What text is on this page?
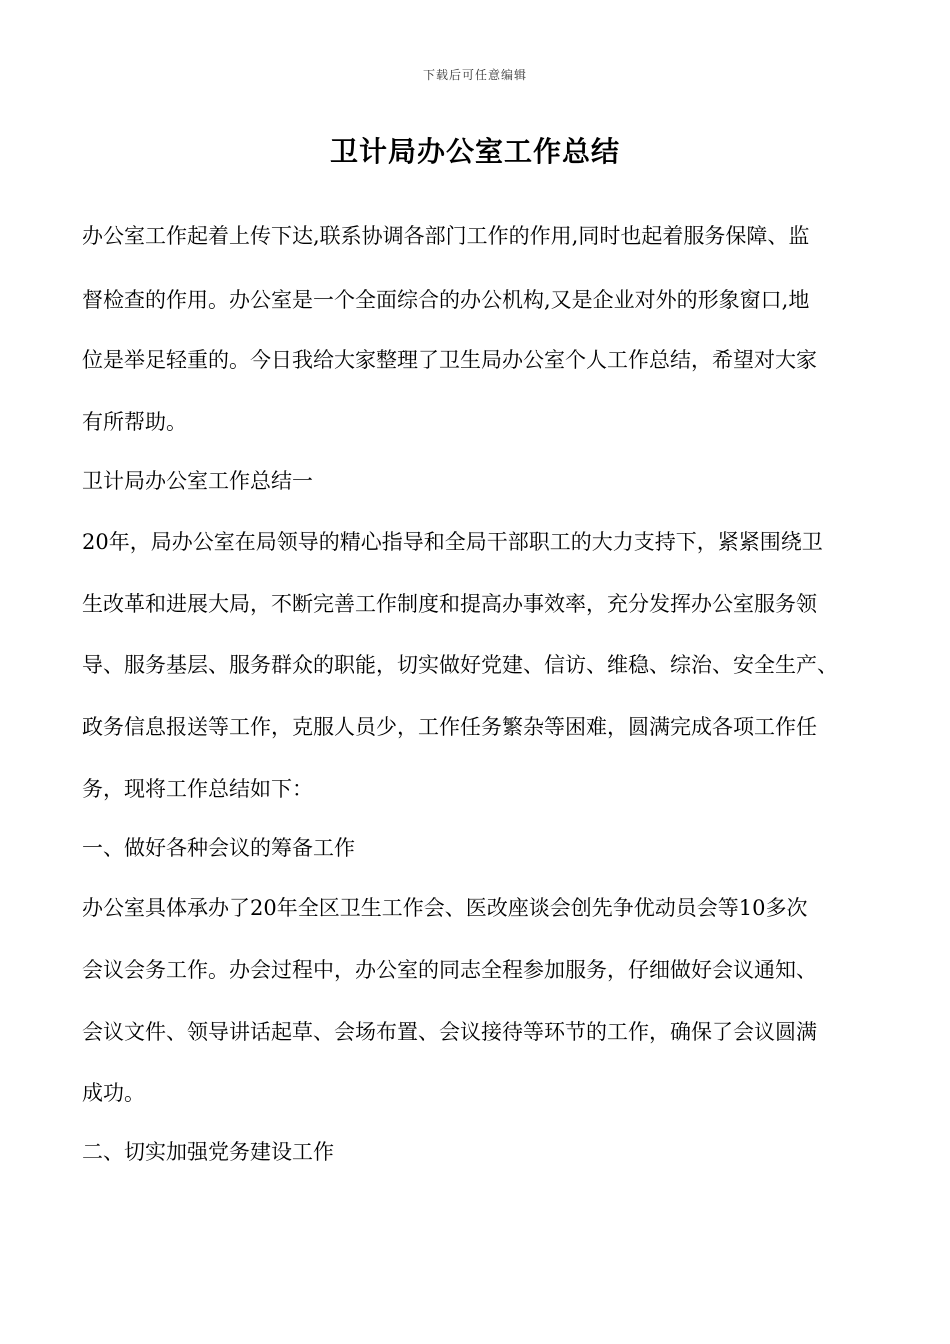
下载后可任意编辑
卫计局办公室工作总结
办公室工作起着上传下达,联系协调各部门工作的作用,同时也起着服务保障、监
督检查的作用。办公室是一个全面综合的办公机构,又是企业对外的形象窗口,地
位是举足轻重的。今日我给大家整理了卫生局办公室个人工作总结，希望对大家
有所帮助。
卫计局办公室工作总结一
20年，局办公室在局领导的精心指导和全局干部职工的大力支持下，紧紧围绕卫
生改革和进展大局，不断完善工作制度和提高办事效率，充分发挥办公室服务领
导、服务基层、服务群众的职能，切实做好党建、信访、维稳、综治、安全生产、
政务信息报送等工作，克服人员少，工作任务繁杂等困难，圆满完成各项工作任
务，现将工作总结如下：
一、做好各种会议的筹备工作
办公室具体承办了20年全区卫生工作会、医改座谈会创先争优动员会等10多次
会议会务工作。办会过程中，办公室的同志全程参加服务，仔细做好会议通知、
会议文件、领导讲话起草、会场布置、会议接待等环节的工作，确保了会议圆满
成功。
二、切实加强党务建设工作
